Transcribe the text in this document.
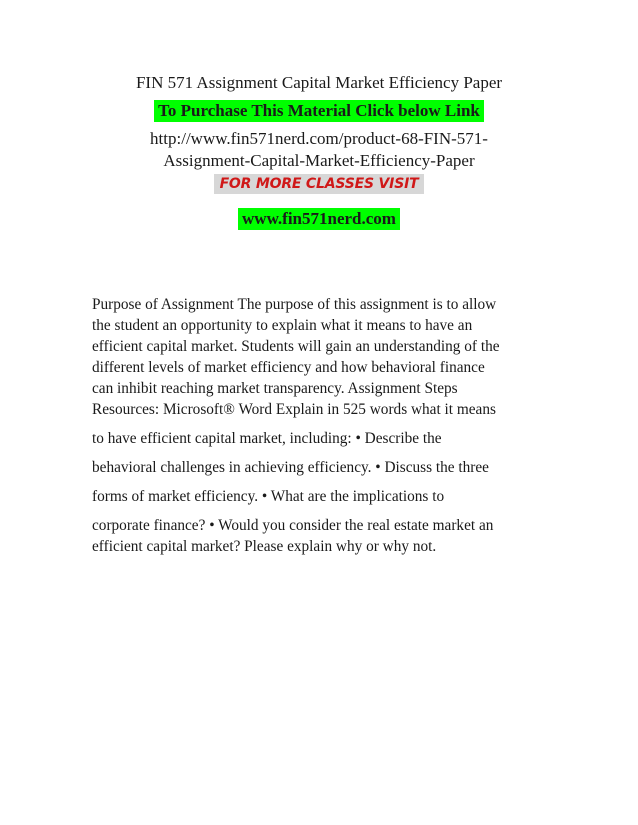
FIN 571 Assignment Capital Market Efficiency Paper
To Purchase This Material Click below Link
http://www.fin571nerd.com/product-68-FIN-571-
Assignment-Capital-Market-Efficiency-Paper
FOR MORE CLASSES VISIT
www.fin571nerd.com
Purpose of Assignment The purpose of this assignment is to allow
the student an opportunity to explain what it means to have an
efficient capital market. Students will gain an understanding of the
different levels of market efficiency and how behavioral finance
can inhibit reaching market transparency. Assignment Steps
Resources: Microsoft® Word Explain in 525 words what it means
to have efficient capital market, including: • Describe the
behavioral challenges in achieving efficiency. • Discuss the three
forms of market efficiency. • What are the implications to
corporate finance? • Would you consider the real estate market an
efficient capital market? Please explain why or why not.
